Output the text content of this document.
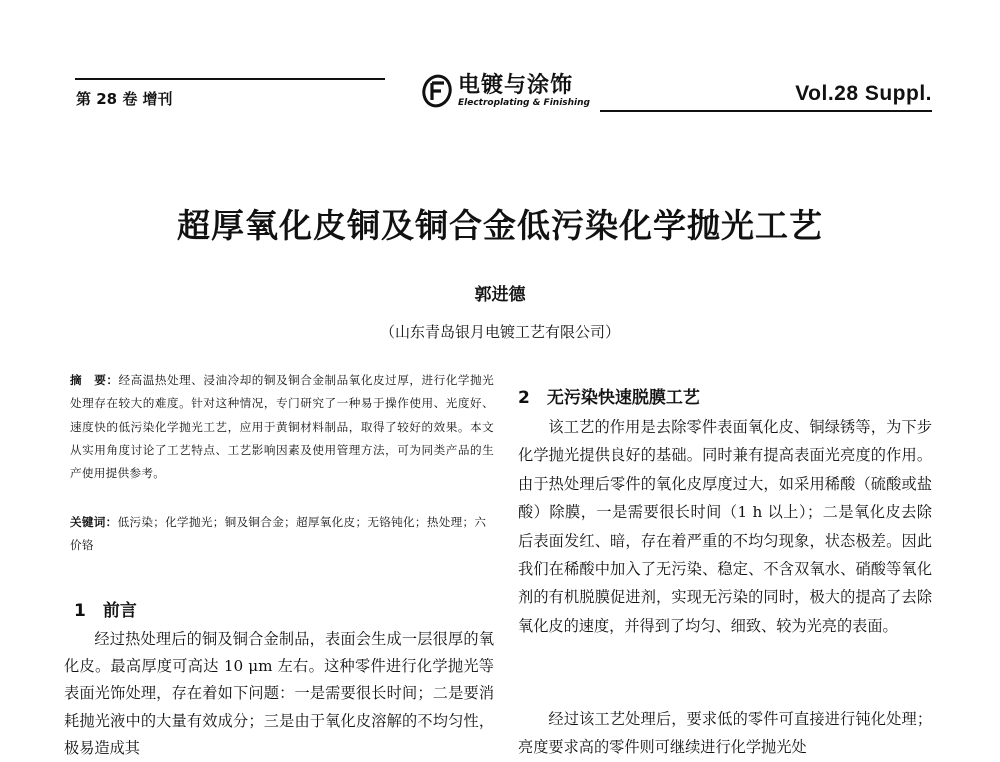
第 28 卷 增刊
电镀与涂饰
Electroplating & Finishing	Vol.28 Suppl.
超厚氧化皮铜及铜合金低污染化学抛光工艺
郭进德
（山东青岛银月电镀工艺有限公司）
摘　要：经高温热处理、浸油冷却的铜及铜合金制品氧化皮过厚，进行化学抛光处理存在较大的难度。针对这种情况，专门研究了一种易于操作使用、光度好、速度快的低污染化学抛光工艺，应用于黄铜材料制品，取得了较好的效果。本文从实用角度讨论了工艺特点、工艺影响因素及使用管理方法，可为同类产品的生产使用提供参考。
关键词：低污染；化学抛光；铜及铜合金；超厚氧化皮；无铬钝化；热处理；六价铬
1　前言
经过热处理后的铜及铜合金制品，表面会生成一层很厚的氧化皮。最高厚度可高达 10 μm 左右。这种零件进行化学抛光等表面光饰处理，存在着如下问题：一是需要很长时间；二是要消耗抛光液中的大量有效成分；三是由于氧化皮溶解的不均匀性，极易造成其
2　无污染快速脱膜工艺
该工艺的作用是去除零件表面氧化皮、铜绿锈等，为下步化学抛光提供良好的基础。同时兼有提高表面光亮度的作用。由于热处理后零件的氧化皮厚度过大，如采用稀酸（硫酸或盐酸）除膜，一是需要很长时间（1 h 以上）；二是氧化皮去除后表面发红、暗，存在着严重的不均匀现象，状态极差。因此我们在稀酸中加入了无污染、稳定、不含双氧水、硝酸等氧化剂的有机脱膜促进剂，实现无污染的同时，极大的提高了去除氧化皮的速度，并得到了均匀、细致、较为光亮的表面。
经过该工艺处理后，要求低的零件可直接进行钝化处理；亮度要求高的零件则可继续进行化学抛光处
